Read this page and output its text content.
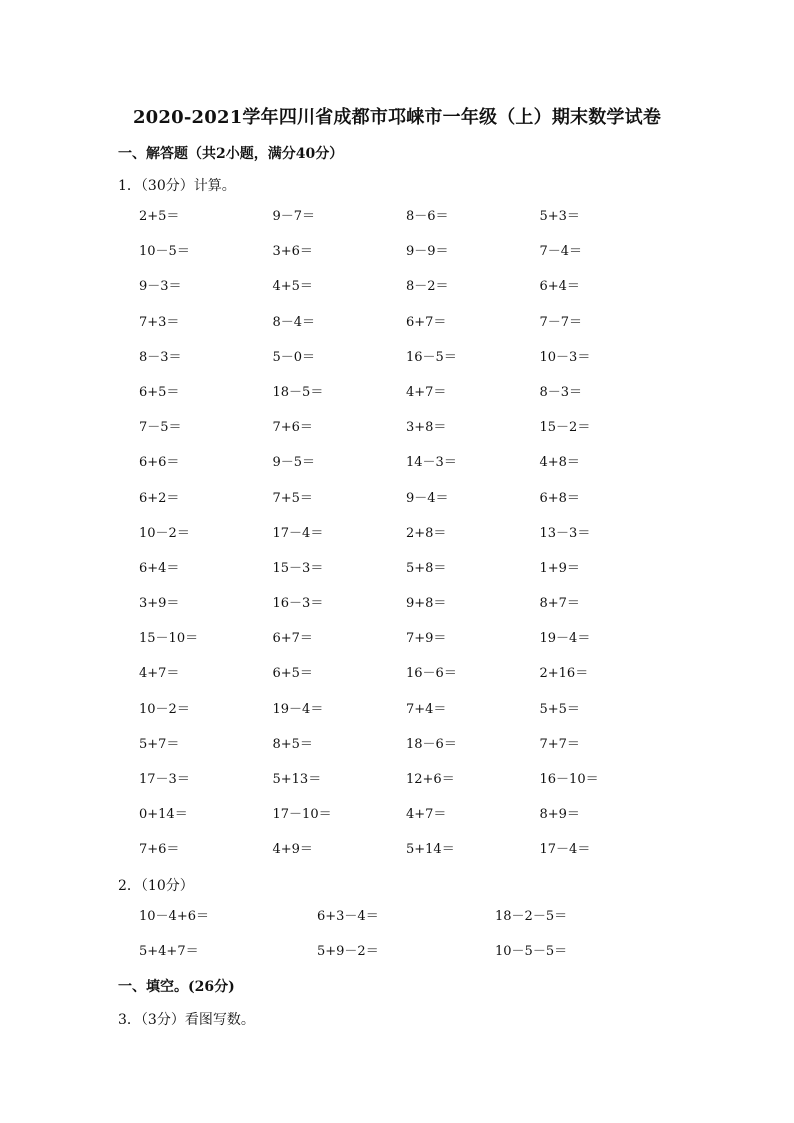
2020-2021学年四川省成都市邛崃市一年级（上）期末数学试卷
一、解答题（共2小题，满分40分）
1．（30分）计算。
2+5＝	9－7＝	8－6＝	5+3＝
10－5＝	3+6＝	9－9＝	7－4＝
9－3＝	4+5＝	8－2＝	6+4＝
7+3＝	8－4＝	6+7＝	7－7＝
8－3＝	5－0＝	16－5＝	10－3＝
6+5＝	18－5＝	4+7＝	8－3＝
7－5＝	7+6＝	3+8＝	15－2＝
6+6＝	9－5＝	14－3＝	4+8＝
6+2＝	7+5＝	9－4＝	6+8＝
10－2＝	17－4＝	2+8＝	13－3＝
6+4＝	15－3＝	5+8＝	1+9＝
3+9＝	16－3＝	9+8＝	8+7＝
15－10＝	6+7＝	7+9＝	19－4＝
4+7＝	6+5＝	16－6＝	2+16＝
10－2＝	19－4＝	7+4＝	5+5＝
5+7＝	8+5＝	18－6＝	7+7＝
17－3＝	5+13＝	12+6＝	16－10＝
0+14＝	17－10＝	4+7＝	8+9＝
7+6＝	4+9＝	5+14＝	17－4＝
2．（10分）
10－4+6＝	6+3－4＝	18－2－5＝
5+4+7＝	5+9－2＝	10－5－5＝
一、填空。(26分)
3．（3分）看图写数。
